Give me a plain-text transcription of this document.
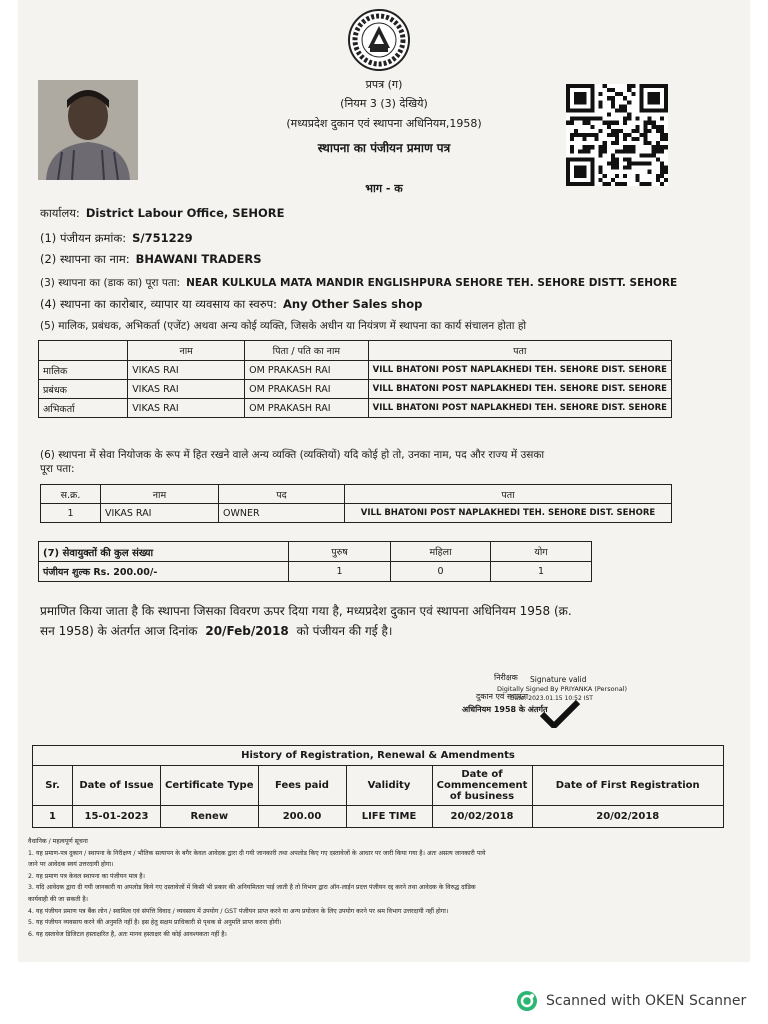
प्रपत्र (ग)
(नियम 3 (3) देखिये)
(मध्यप्रदेश दुकान एवं स्थापना अधिनियम,1958)
स्थापना का पंजीयन प्रमाण पत्र
भाग - क
कार्यालय: District Labour Office, SEHORE
(1) पंजीयन क्रमांक: S/751229
(2) स्थापना का नाम: BHAWANI TRADERS
(3) स्थापना का (डाक का) पूरा पता: NEAR KULKULA MATA MANDIR ENGLISHPURA SEHORE TEH. SEHORE DISTT. SEHORE
(4) स्थापना का कारोबार, व्यापार या व्यवसाय का स्वरुप: Any Other Sales shop
(5) मालिक, प्रबंधक, अभिकर्ता (एजेंट) अथवा अन्य कोई व्यक्ति, जिसके अधीन या नियंत्रण में स्थापना का कार्य संचालन होता हो
	नाम	पिता / पति का नाम	पता
मालिक	VIKAS RAI	OM PRAKASH RAI	VILL BHATONI POST NAPLAKHEDI TEH. SEHORE DIST. SEHORE
प्रबंधक	VIKAS RAI	OM PRAKASH RAI	VILL BHATONI POST NAPLAKHEDI TEH. SEHORE DIST. SEHORE
अभिकर्ता	VIKAS RAI	OM PRAKASH RAI	VILL BHATONI POST NAPLAKHEDI TEH. SEHORE DIST. SEHORE
(6) स्थापना में सेवा नियोजक के रूप में हित रखने वाले अन्य व्यक्ति (व्यक्तियों) यदि कोई हो तो, उनका नाम, पद और राज्य में उसका
पूरा पता:
स.क्र.	नाम	पद	पता
1	VIKAS RAI	OWNER	VILL BHATONI POST NAPLAKHEDI TEH. SEHORE DIST. SEHORE
(7) सेवायुक्तों की कुल संख्या	पुरुष	महिला	योग
पंजीयन शुल्क Rs. 200.00/-	1	0	1
प्रमाणित किया जाता है कि स्थापना जिसका विवरण ऊपर दिया गया है, मध्यप्रदेश दुकान एवं स्थापना अधिनियम 1958 (क्र.
सन 1958) के अंतर्गत आज दिनांक 20/Feb/2018 को पंजीयन की गई है।
निरीक्षक Signature valid
Digitally Signed By PRIYANKA (Personal)
दुकान एवं स्थापना
Date: 2023.01.15 10:52 IST
अधिनियम 1958 के अंतर्गत
History of Registration, Renewal & Amendments						
Sr.	Date of Issue	Certificate Type	Fees paid	Validity	Date of Commencement of business	Date of First Registration
1	15-01-2023	Renew	200.00	LIFE TIME	20/02/2018	20/02/2018
वैधानिक / महत्वपूर्ण सूचना
1. यह प्रमाण-पत्र दुकान / स्थापना के निरीक्षण / भौतिक सत्यापन के बगैर केवल आवेदक द्वारा दी गयी जानकारी तथा अपलोड किए गए दस्तावेजों के आधार पर जारी किया गया है। अतः असत्य जानकारी पाये
जाने पर आवेदक स्वयं उत्तरदायी होगा।
2. यह प्रमाण पत्र केवल स्थापना का पंजीयन मात्र है।
3. यदि आवेदक द्वारा दी गयी जानकारी या अपलोड किये गए दस्तावेजों में किसी भी प्रकार की अनियमितता पाई जाती है तो विभाग द्वारा ऑन-लाईन प्रदत्त पंजीयन रद्द करने तथा आवेदक के विरुद्ध दांडिक
कार्यवाही की जा सकती है।
4. यह पंजीयन प्रमाण पत्र बैंक लोन / स्वामित्व एवं संपत्ति विवाद / व्यवसाय में उपयोग / GST पंजीयन प्राप्त करने या अन्य प्रयोजन के लिए उपयोग करने पर श्रम विभाग उत्तरदायी नहीं होगा।
5. यह पंजीयन व्यवसाय करने की अनुमति नहीं है। इस हेतु सक्षम प्राधिकारी से पृथक से अनुमति प्राप्त करना होगी।
6. यह दस्तावेज डिजिटल हस्ताक्षरित है, अतः मानव हस्ताक्षर की कोई आवश्यकता नहीं है।
Scanned with OKEN Scanner
